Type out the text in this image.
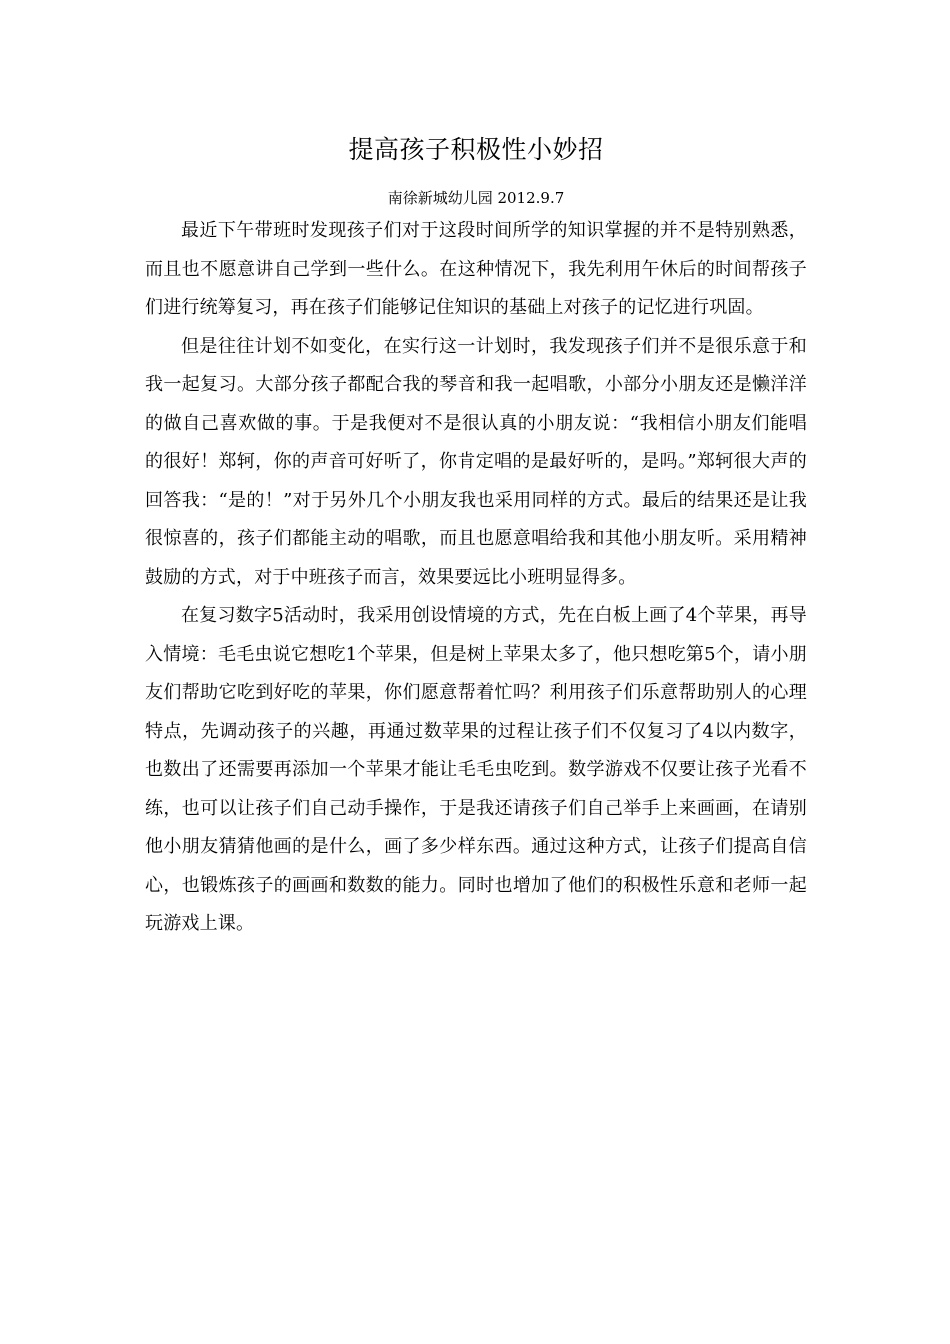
提高孩子积极性小妙招

南徐新城幼儿园 2012.9.7

最近下午带班时发现孩子们对于这段时间所学的知识掌握的并不是特别熟悉，而且也不愿意讲自己学到一些什么。在这种情况下，我先利用午休后的时间帮孩子们进行统筹复习，再在孩子们能够记住知识的基础上对孩子的记忆进行巩固。

但是往往计划不如变化，在实行这一计划时，我发现孩子们并不是很乐意于和我一起复习。大部分孩子都配合我的琴音和我一起唱歌，小部分小朋友还是懒洋洋的做自己喜欢做的事。于是我便对不是很认真的小朋友说：“我相信小朋友们能唱的很好！郑轲，你的声音可好听了，你肯定唱的是最好听的，是吗。”郑轲很大声的回答我：“是的！”对于另外几个小朋友我也采用同样的方式。最后的结果还是让我很惊喜的，孩子们都能主动的唱歌，而且也愿意唱给我和其他小朋友听。采用精神鼓励的方式，对于中班孩子而言，效果要远比小班明显得多。

在复习数字5活动时，我采用创设情境的方式，先在白板上画了4个苹果，再导入情境：毛毛虫说它想吃1个苹果，但是树上苹果太多了，他只想吃第5个，请小朋友们帮助它吃到好吃的苹果，你们愿意帮着忙吗？利用孩子们乐意帮助别人的心理特点，先调动孩子的兴趣，再通过数苹果的过程让孩子们不仅复习了4以内数字，也数出了还需要再添加一个苹果才能让毛毛虫吃到。数学游戏不仅要让孩子光看不练，也可以让孩子们自己动手操作，于是我还请孩子们自己举手上来画画，在请别他小朋友猜猜他画的是什么，画了多少样东西。通过这种方式，让孩子们提高自信心，也锻炼孩子的画画和数数的能力。同时也增加了他们的积极性乐意和老师一起玩游戏上课。
